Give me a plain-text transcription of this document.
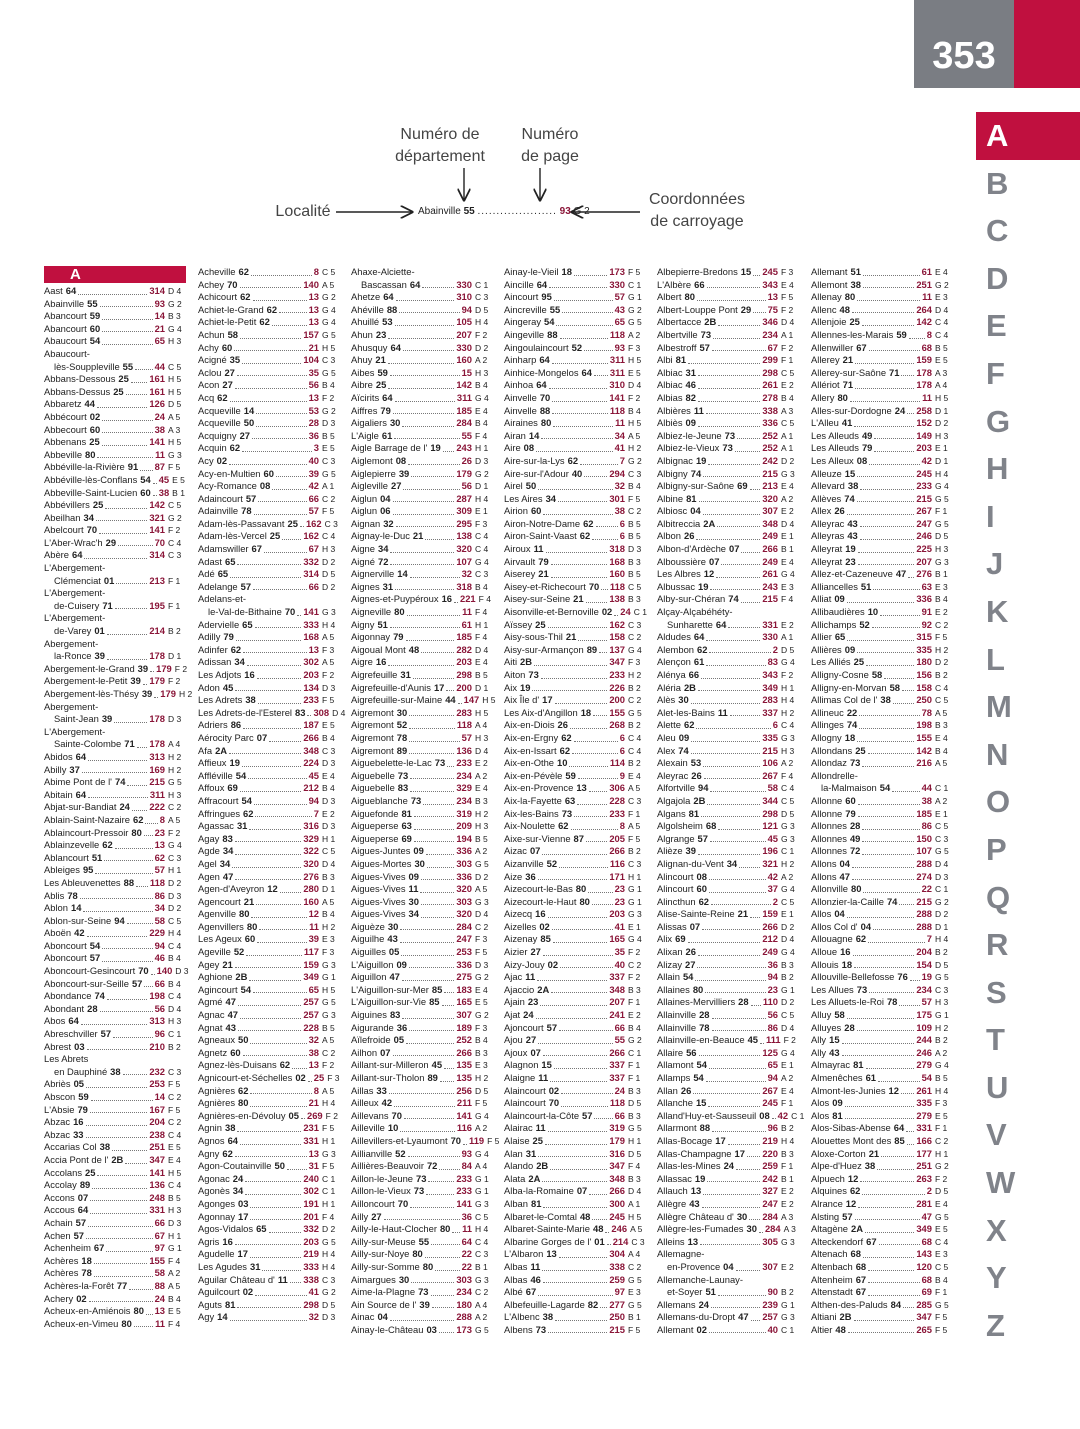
353
A
B
C
D
E
F
G
H
I
J
K
L
M
N
O
P
Q
R
S
T
U
V
W
X
Y
Z
Numéro de
département
Numéro
de page
Localité
Coordonnées
de carroyage
Abainville 55 ..................... 93 G 2
A
Aast 64	314 D 4
Abainville 55	93 G 2
Abancourt 59	14 B 3
Abancourt 60	21 G 4
Abaucourt 54	65 H 3
Abaucourt-
lès-Souppleville 55 44 C 5
Abbans-Dessous 25 161 H 5
Abbans-Dessus 25	161 H 5
Abbaretz 44	126 D 5
Abbécourt 02	24 A 5
Abbecourt 60	38 A 3
Abbenans 25	141 H 5
Abbeville 80	11 G 3
Abbéville-la-Rivière 91 87 F 5
Abbéville-lès-Conflans 54 45 E 5
Abbeville-Saint-Lucien 60 38 B 1
Abbévillers 25	142 C 5
Abeilhan 34	321 G 2
Abelcourt 70	141 F 2
L'Aber-Wrac'h 29	70 C 4
Abère 64	314 C 3
L'Abergement-
Clémenciat 01	213 F 1
L'Abergement-
de-Cuisery 71	195 F 1
L'Abergement-
de-Varey 01	214 B 2
Abergement-
la-Ronce 39	178 D 1
Abergement-le-Grand 39 179 F 2
Abergement-le-Petit 39 179 F 2
Abergement-lès-Thésy 39 179 H 2
Abergement-
Saint-Jean 39	178 D 3
L'Abergement-
Sainte-Colombe 71 178 A 4
Abidos 64	313 H 2
Abilly 37	169 H 2
Abime Pont de l' 74	215 G 5
Abitain 64	311 H 3
Abjat-sur-Bandiat 24 222 C 2
Ablain-Saint-Nazaire 62 8 A 5
Ablaincourt-Pressoir 80 23 F 2
Ablainzevelle 62	13 G 4
Ablancourt 51	62 C 3
Ableiges 95	57 H 1
Les Ableuvenettes 88 118 D 2
Ablis 78	86 D 3
Ablon 14	34 D 2
Ablon-sur-Seine 94	58 C 5
Aboën 42	229 H 4
Aboncourt 54	94 C 4
Aboncourt 57	46 B 4
Aboncourt-Gesincourt 70 140 D 3
Aboncourt-sur-Seille 57 66 B 4
Abondance 74	198 C 4
Abondant 28	56 D 4
Abos 64	313 H 3
Abreschviller 57	96 C 1
Abrest 03	210 B 2
Les Abrets
en Dauphiné 38	232 C 3
Abriès 05	253 F 5
Abscon 59	14 C 2
L'Absie 79	167 F 5
Abzac 16	204 C 2
Abzac 33	238 C 4
Accarias Col 38	251 E 5
Accia Pont de l' 2B	347 E 4
Accolans 25	141 H 5
Accolay 89	136 C 4
Accons 07	248 B 5
Accous 64	331 H 3
Achain 57	66 D 3
Achen 57	67 H 1
Achenheim 67	97 G 1
Achères 18	155 F 4
Achères 78	58 A 2
Achères-la-Forêt 77	88 A 5
Achery 02	24 B 4
Acheux-en-Amiénois 80 13 E 5
Acheux-en-Vimeu 80 11 F 4
Acheville 62	8 C 5
Achey 70	140 A 5
Achicourt 62	13 G 2
Achiet-le-Grand 62	13 G 4
Achiet-le-Petit 62	13 G 4
Achun 58	157 G 5
Achy 60	21 H 5
Acigné 35	104 C 3
Aclou 27	35 G 5
Acon 27	56 B 4
Acq 62	13 F 2
Acqueville 14	53 G 2
Acqueville 50	28 D 3
Acquigny 27	36 B 5
Acquin 62	3 E 5
Acy 02	40 C 3
Acy-en-Multien 60	39 G 5
Acy-Romance 08	42 A 1
Adaincourt 57	66 C 2
Adainville 78	57 F 5
Adam-lès-Passavant 25 162 C 3
Adam-lès-Vercel 25 162 C 4
Adamswiller 67	67 H 3
Adast 65	332 D 2
Adé 65	314 D 5
Adelange 57	66 D 2
Adelans-et-
le-Val-de-Bithaine 70 141 G 3
Adervielle 65	333 H 4
Adilly 79	168 A 5
Adinfer 62	13 F 3
Adissan 34	302 A 5
Les Adjots 16	203 F 2
Adon 45	134 D 3
Les Adrets 38	233 F 5
Les Adrets-de-l'Esterel 83 308 D 4
Adriers 86	187 E 5
Aérocity Parc 07	266 B 4
Afa 2A	348 C 3
Affieux 19	224 D 3
Affléville 54	45 E 4
Affoux 69	212 B 4
Affracourt 54	94 D 3
Affringues 62	7 E 2
Agassac 31	316 D 3
Agay 83	329 H 1
Agde 34	322 C 5
Agel 34	320 D 4
Agen 47	276 B 3
Agen-d'Aveyron 12	280 D 1
Agencourt 21	160 A 5
Agenville 80	12 B 4
Agenvillers 80	11 H 2
Les Ageux 60	39 E 3
Ageville 52	117 F 3
Agey 21	159 G 3
Aghione 2B	349 G 1
Agincourt 54	65 H 5
Agmé 47	257 G 5
Agnac 47	257 G 3
Agnat 43	228 B 5
Agneaux 50	32 A 5
Agnetz 60	38 C 2
Agnez-lès-Duisans 62 13 F 2
Agnicourt-et-Séchelles 02 25 F 3
Agnières 62	8 A 5
Agnières 80	21 H 4
Agnières-en-Dévoluy 05 269 F 2
Agnin 38	231 F 5
Agnos 64	331 H 1
Agny 62	13 G 3
Agon-Coutainville 50	31 F 5
Agonac 24	240 C 1
Agonès 34	302 C 1
Agonges 03	191 H 1
Agonnay 17	201 F 4
Agos-Vidalos 65	332 D 2
Agris 16	203 G 5
Agudelle 17	219 H 4
Les Agudes 31	333 H 4
Aguilar Château d' 11 338 C 3
Aguilcourt 02	41 G 2
Aguts 81	298 D 5
Agy 14	32 D 3
Ahaxe-Alciette-
Bascassan 64	330 C 1
Ahetze 64	310 C 3
Ahéville 88	94 D 5
Ahuillé 53	105 H 4
Ahun 23	207 F 2
Ahusquy 64	330 D 2
Ahuy 21	160 A 2
Aibes 59	15 H 3
Aibre 25	142 B 4
Aïcirits 64	311 G 4
Aiffres 79	185 E 4
Aigaliers 30	284 B 4
L'Aigle 61	55 F 4
Aigle Barrage de l' 19 243 H 1
Aiglemont 08	26 D 3
Aiglepierre 39	179 G 2
Aigleville 27	56 D 1
Aiglun 04	287 H 4
Aiglun 06	309 E 1
Aignan 32	295 F 3
Aignay-le-Duc 21	138 C 4
Aigne 34	320 C 4
Aigné 72	107 G 4
Aignerville 14	32 C 3
Aignes 31	318 B 4
Aignes-et-Puypéroux 16 221 F 4
Aigneville 80	11 F 4
Aigny 51	61 H 1
Aigonnay 79	185 F 4
Aigoual Mont 48	282 D 4
Aigre 16	203 E 4
Aigrefeuille 31	298 B 5
Aigrefeuille-d'Aunis 17 200 D 1
Aigrefeuille-sur-Maine 44 147 H 5
Aigremont 30	283 H 5
Aigremont 52	118 A 4
Aigremont 78	57 H 3
Aigremont 89	136 D 4
Aiguebelette-le-Lac 73 233 E 2
Aiguebelle 73	234 A 2
Aiguebelle 83	329 E 4
Aigueblanche 73	234 B 3
Aiguefonde 81	319 H 2
Aigueperse 63	209 H 3
Aigueperse 69	194 B 5
Aigues-Juntes 09	336 A 2
Aigues-Mortes 30	303 G 5
Aigues-Vives 09	336 D 2
Aigues-Vives 11	320 A 5
Aigues-Vives 30	303 G 3
Aigues-Vives 34	320 D 4
Aiguèze 30	284 C 2
Aiguilhe 43	247 F 3
Aiguilles 05	253 F 5
L'Aiguillon 09	336 D 3
Aiguillon 47	275 G 2
L'Aiguillon-sur-Mer 85 183 E 4
L'Aiguillon-sur-Vie 85 165 E 5
Aiguines 83	307 G 2
Aigurande 36	189 F 3
Aïlefroide 05	252 B 4
Ailhon 07	266 B 3
Aillant-sur-Milleron 45 135 E 3
Aillant-sur-Tholon 89 135 H 2
Aillas 33	256 D 5
Ailleux 42	211 F 5
Aillevans 70	141 G 4
Ailleville 10	116 A 2
Aillevillers-et-Lyaumont 70 119 F 5
Aillianville 52	93 G 4
Aillières-Beauvoir 72	84 A 4
Aillon-le-Jeune 73	233 G 1
Aillon-le-Vieux 73	233 G 1
Ailloncourt 70	141 G 3
Ailly 27	36 C 5
Ailly-le-Haut-Clocher 80 11 H 4
Ailly-sur-Meuse 55	64 C 4
Ailly-sur-Noye 80	22 C 3
Ailly-sur-Somme 80	22 B 1
Aimargues 30	303 G 3
Aime-la-Plagne 73	234 C 2
Ain Source de l' 39	180 A 4
Ainac 04	288 A 2
Ainay-le-Château 03 173 G 5
Ainay-le-Vieil 18	173 F 5
Aincille 64	330 C 1
Aincourt 95	57 G 1
Aincreville 55	43 G 2
Aingeray 54	65 G 5
Aingeville 88	118 A 2
Aingoulaincourt 52	93 F 3
Ainharp 64	311 H 5
Ainhice-Mongelos 64 311 E 5
Ainhoa 64	310 D 4
Ainvelle 70	141 F 2
Ainvelle 88	118 B 4
Airaines 80	11 H 5
Airan 14	34 A 5
Aire 08	41 H 2
Aire-sur-la-Lys 62	7 G 2
Aire-sur-l'Adour 40	294 C 3
Airel 50	32 B 4
Les Aires 34	301 F 5
Airion 60	38 C 2
Airon-Notre-Dame 62	6 B 5
Airon-Saint-Vaast 62	6 B 5
Airoux 11	318 D 3
Airvault 79	168 B 3
Aiserey 21	160 B 5
Aisey-et-Richecourt 70 118 C 5
Aisey-sur-Seine 21	138 B 3
Aisonville-et-Bernoville 02 24 C 1
Aïssey 25	162 C 3
Aisy-sous-Thil 21	158 C 2
Aisy-sur-Armançon 89 137 G 4
Aiti 2B	347 F 3
Aiton 73	233 H 2
Aix 19	226 B 2
Aix Île d' 17	200 C 2
Les Aix-d'Angillon 18 155 G 5
Aix-en-Diois 26	268 B 2
Aix-en-Ergny 62	6 C 4
Aix-en-Issart 62	6 C 4
Aix-en-Othe 10	114 B 2
Aix-en-Pévèle 59	9 E 4
Aix-en-Provence 13 306 A 5
Aix-la-Fayette 63	228 C 3
Aix-les-Bains 73	233 F 1
Aix-Noulette 62	8 A 5
Aixe-sur-Vienne 87	205 F 5
Aizac 07	266 B 2
Aizanville 52	116 C 3
Aize 36	171 H 1
Aizecourt-le-Bas 80	23 G 1
Aizecourt-le-Haut 80	23 G 1
Aizecq 16	203 G 3
Aizelles 02	41 E 1
Aizenay 85	165 G 4
Aizier 27	35 F 2
Aizy-Jouy 02	40 C 2
Ajac 11	337 F 2
Ajaccio 2A	348 B 3
Ajain 23	207 F 1
Ajat 24	241 E 2
Ajoncourt 57	66 B 4
Ajou 27	55 G 2
Ajoux 07	266 C 1
Alagnon 15	337 F 1
Alaigne 11	337 F 1
Alaincourt 02	24 B 3
Alaincourt 70	118 D 5
Alaincourt-la-Côte 57 66 B 3
Alairac 11	319 G 5
Alaise 25	179 H 1
Alan 31	316 D 5
Alando 2B	347 F 4
Alata 2A	348 B 3
Alba-la-Romaine 07 266 D 4
Alban 81	300 A 1
Albaret-le-Comtal 48 245 H 5
Albaret-Sainte-Marie 48 246 A 5
Albarine Gorges de l' 01 214 C 3
L'Albaron 13	304 A 4
Albas 11	338 C 2
Albas 46	259 G 5
Albé 67	97 E 3
Albefeuille-Lagarde 82 277 G 5
L'Albenc 38	250 B 1
Albens 73	215 F 5
Albepierre-Bredons 15 245 F 3
L'Albère 66	343 E 4
Albert 80	13 F 5
Albert-Louppe Pont 29 75 F 2
Albertacce 2B	346 D 4
Albertville 73	234 A 1
Albestroff 57	67 F 2
Albi 81	299 F 1
Albiac 31	298 C 5
Albiac 46	261 E 2
Albias 82	278 B 4
Albières 11	338 A 3
Albiès 09	336 C 5
Albiez-le-Jeune 73	252 A 1
Albiez-le-Vieux 73	252 A 1
Albignac 19	242 D 2
Albigny 74	215 G 3
Albigny-sur-Saône 69 213 E 4
Albine 81	320 A 2
Albiosc 04	307 E 2
Albitreccia 2A	348 D 4
Albon 26	249 E 1
Albon-d'Ardèche 07 266 B 1
Alboussière 07	249 E 4
Les Albres 12	261 G 4
Albussac 19	243 E 3
Alby-sur-Chéran 74	215 F 4
Alçay-Alçabéhéty-
Sunharette 64	331 E 2
Aldudes 64	330 A 1
Alembon 62	2 D 5
Alençon 61	83 G 4
Alénya 66	343 F 2
Aléria 2B	349 H 1
Alès 30	283 H 4
Alet-les-Bains 11	337 H 2
Alette 62	6 C 4
Aleu 09	335 G 3
Alex 74	215 H 3
Alexain 53	106 A 2
Aleyrac 26	267 F 4
Alfortville 94	58 C 4
Algajola 2B	344 C 5
Algans 81	298 D 5
Algolsheim 68	121 G 3
Algrange 57	45 G 3
Alièze 39	196 C 1
Alignan-du-Vent 34	321 H 2
Alincourt 08	42 A 2
Alincourt 60	37 G 4
Alincthun 62	2 C 5
Alise-Sainte-Reine 21 159 E 1
Alissas 07	266 D 2
Alix 69	212 D 4
Alixan 26	249 G 4
Alizay 27	36 B 3
Allain 54	94 B 2
Allaines 80	23 G 1
Allaines-Mervilliers 28 110 D 2
Allainville 28	56 C 5
Allainville 78	86 D 4
Allainville-en-Beauce 45 111 F 2
Allaire 56	125 G 4
Allamont 54	65 E 1
Allamps 54	94 A 2
Allan 26	267 E 4
Allanche 15	245 F 1
Alland'Huy-et-Sausseuil 08 42 C 1
Allarmont 88	96 B 2
Allas-Bocage 17	219 H 4
Allas-Champagne 17 220 B 3
Allas-les-Mines 24	259 F 1
Allassac 19	242 B 1
Allauch 13	327 E 2
Allègre 43	247 E 2
Allègre Château d' 30 284 A 3
Allègre-les-Fumades 30 284 A 3
Alleins 13	305 G 3
Allemagne-
en-Provence 04	307 E 2
Allemanche-Launay-
et-Soyer 51	90 B 2
Allemans 24	239 G 1
Allemans-du-Dropt 47 257 G 3
Allemant 02	40 C 1
Allemant 51	61 E 4
Allemont 38	251 G 2
Allenay 80	11 E 3
Allenc 48	264 D 4
Allenjoie 25	142 C 4
Allennes-les-Marais 59 8 C 4
Allenwiller 67	68 B 5
Allerey 21	159 E 5
Allerey-sur-Saône 71 178 A 3
Allériot 71	178 A 4
Allery 80	11 H 5
Alles-sur-Dordogne 24 258 D 1
L'Alleu 41	152 D 2
Les Alleuds 49	149 H 3
Les Alleuds 79	203 E 1
Les Alleux 08	42 D 1
Alleuze 15	245 H 4
Allevard 38	233 G 4
Allèves 74	215 G 5
Allex 26	267 F 1
Alleyrac 43	247 G 5
Alleyras 43	246 D 5
Alleyrat 19	225 H 3
Alleyrat 23	207 G 3
Allez-et-Cazeneuve 47 276 B 1
Alliancelles 51	63 E 3
Alliat 09	336 B 4
Allibaudières 10	91 E 2
Allichamps 52	92 C 2
Allier 65	315 F 5
Allières 09	335 H 2
Les Alliés 25	180 D 2
Alligny-Cosne 58	156 B 2
Alligny-en-Morvan 58 158 C 4
Allimas Col de l' 38	250 C 5
Allineuc 22	78 A 5
Allinges 74	198 B 3
Allogny 18	155 E 4
Allondans 25	142 B 4
Allondaz 73	216 A 5
Allondrelle-
la-Malmaison 54	44 C 1
Allonne 60	38 A 2
Allonne 79	185 E 1
Allonnes 28	86 C 5
Allonnes 49	150 C 3
Allonnes 72	107 G 5
Allons 04	288 D 4
Allons 47	274 D 3
Allonville 80	22 C 1
Allonzier-la-Caille 74 215 G 2
Allos 04	288 D 2
Allos Col d' 04	288 D 1
Allouagne 62	7 H 4
Alloue 16	204 B 2
Allouis 18	154 D 5
Allouville-Bellefosse 76 19 G 5
Les Allues 73	234 C 3
Les Alluets-le-Roi 78	57 H 3
Alluy 58	175 G 1
Alluyes 28	109 H 2
Ally 15	244 B 2
Ally 43	246 A 2
Almayrac 81	279 G 4
Almenêches 61	54 B 5
Almont-les-Junies 12 261 H 4
Alos 09	335 F 3
Alos 81	279 E 5
Alos-Sibas-Abense 64 331 F 1
Alouettes Mont des 85 166 C 2
Aloxe-Corton 21	177 H 1
Alpe-d'Huez 38	251 G 2
Alpuech 12	263 F 2
Alquines 62	2 D 5
Alrance 12	281 E 4
Alsting 57	47 G 5
Altagène 2A	349 E 5
Alteckendorf 67	68 C 4
Altenach 68	143 E 3
Altenbach 68	120 C 5
Altenheim 67	68 B 4
Altenstadt 67	69 F 1
Althen-des-Paluds 84 285 G 5
Altiani 2B	347 F 5
Altier 48	265 F 5
